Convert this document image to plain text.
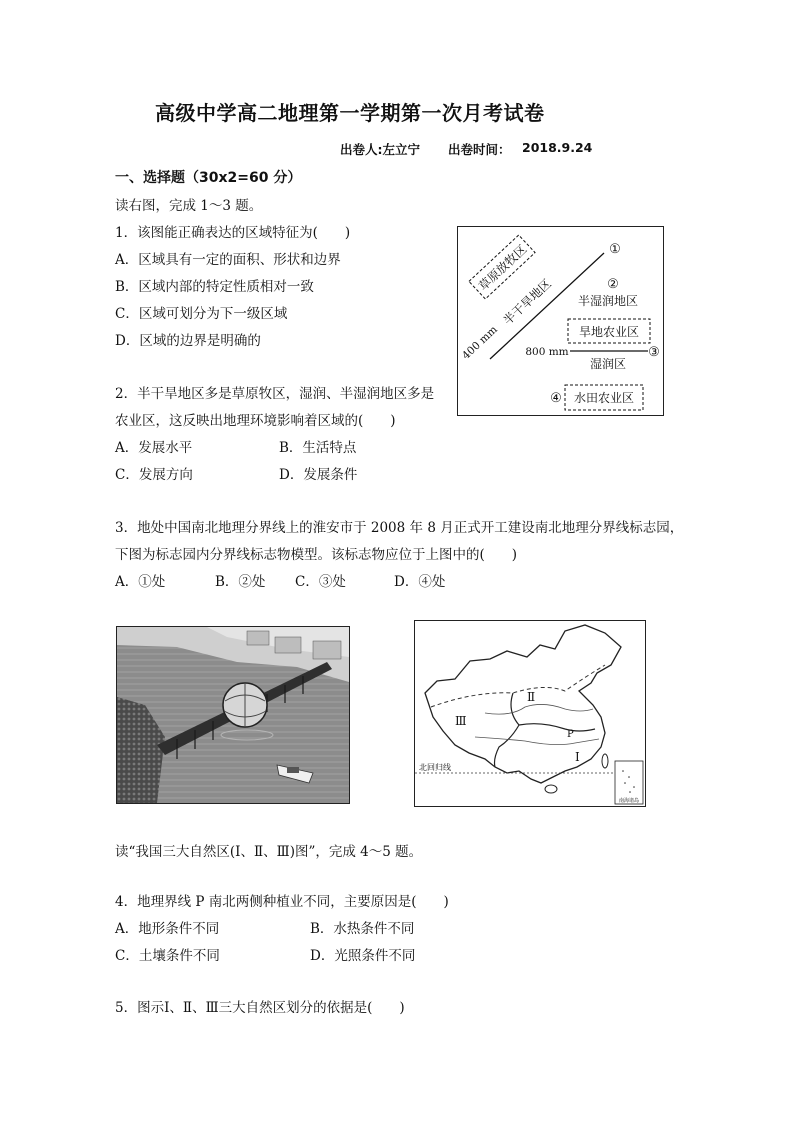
高级中学高二地理第一学期第一次月考试卷
出卷人:左立宁 出卷时间： 2018.9.24
一、选择题（30x2=60 分）
读右图，完成 1～3 题。
1．该图能正确表达的区域特征为(　　)
A．区域具有一定的面积、形状和边界
B．区域内部的特定性质相对一致
C．区域可划分为下一级区域
D．区域的边界是明确的
2．半干旱地区多是草原牧区，湿润、半湿润地区多是
农业区，这反映出地理环境影响着区域的(　　)
A．发展水平	B．生活特点
C．发展方向	D．发展条件
3．地处中国南北地理分界线上的淮安市于 2008 年 8 月正式开工建设南北地理分界线标志园，
下图为标志园内分界线标志物模型。该标志物应位于上图中的(　　)
A．①处	B．②处 C．③处	D．④处
草原放牧区
半干旱地区
400 mm
①
②
半湿润地区
旱地农业区
800 mm	③
湿润区
④ 水田农业区
北回归线
Ⅱ
Ⅲ
P
Ⅰ
南海诸岛
读“我国三大自然区(Ⅰ、Ⅱ、Ⅲ)图”，完成 4～5 题。
4．地理界线 P 南北两侧种植业不同，主要原因是(　　)
A．地形条件不同	B．水热条件不同
C．土壤条件不同	D．光照条件不同
5．图示Ⅰ、Ⅱ、Ⅲ三大自然区划分的依据是(　　)
